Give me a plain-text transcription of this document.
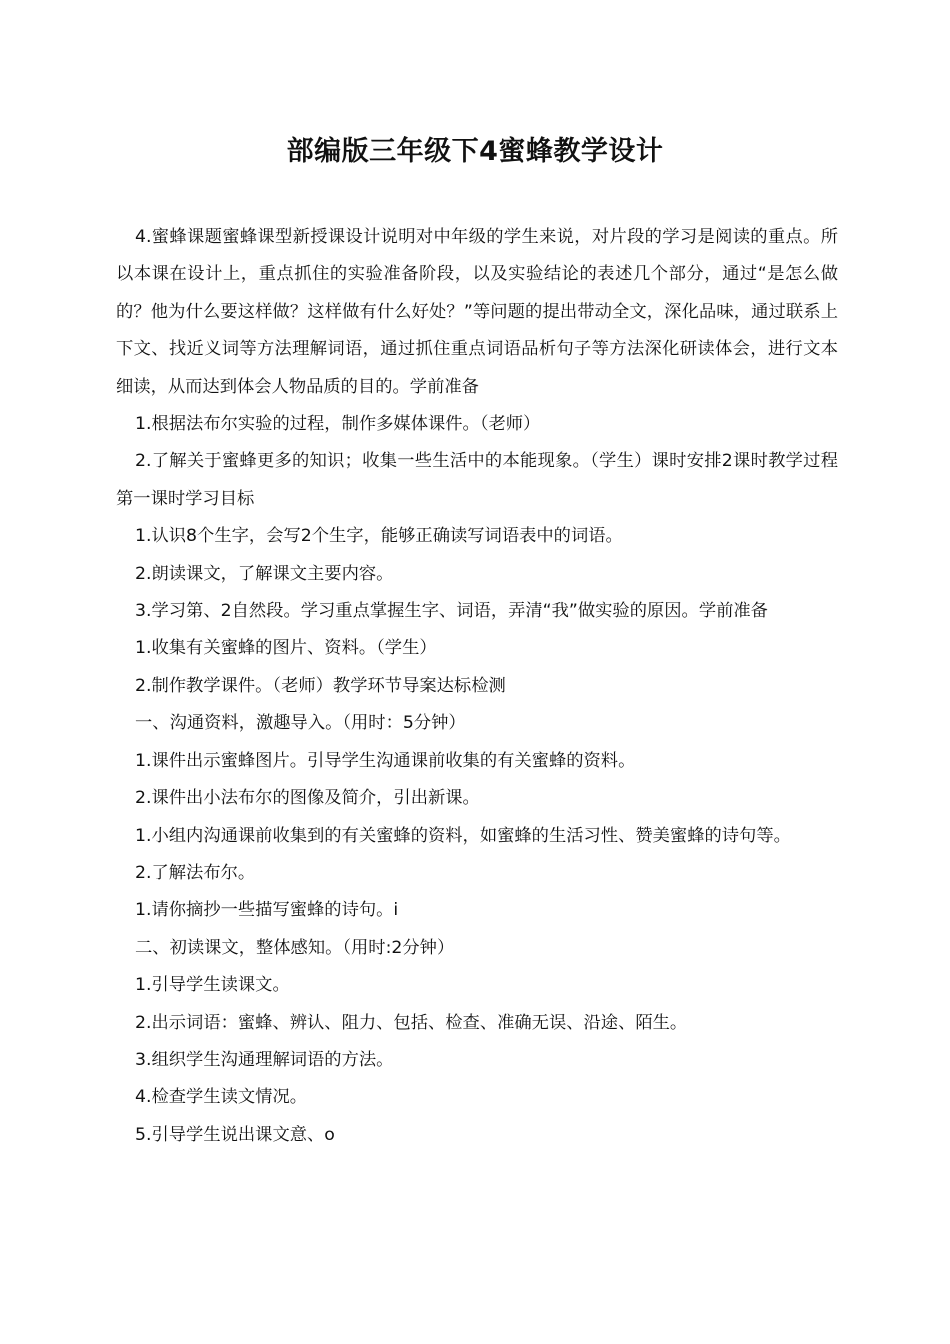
部编版三年级下4蜜蜂教学设计

4.蜜蜂课题蜜蜂课型新授课设计说明对中年级的学生来说，对片段的学习是阅读的重点。所以本课在设计上，重点抓住的实验准备阶段，以及实验结论的表述几个部分，通过“是怎么做的？他为什么要这样做？这样做有什么好处？”等问题的提出带动全文，深化品味，通过联系上下文、找近义词等方法理解词语，通过抓住重点词语品析句子等方法深化研读体会，进行文本细读，从而达到体会人物品质的目的。学前准备

1.根据法布尔实验的过程，制作多媒体课件。（老师）

2.了解关于蜜蜂更多的知识；收集一些生活中的本能现象。（学生）课时安排2课时教学过程第一课时学习目标

1.认识8个生字，会写2个生字，能够正确读写词语表中的词语。

2.朗读课文，了解课文主要内容。

3.学习第、2自然段。学习重点掌握生字、词语，弄清“我”做实验的原因。学前准备

1.收集有关蜜蜂的图片、资料。（学生）

2.制作教学课件。（老师）教学环节导案达标检测

一、沟通资料，激趣导入。（用时：5分钟）

1.课件出示蜜蜂图片。引导学生沟通课前收集的有关蜜蜂的资料。

2.课件出小法布尔的图像及简介，引出新课。

1.小组内沟通课前收集到的有关蜜蜂的资料，如蜜蜂的生活习性、赞美蜜蜂的诗句等。

2.了解法布尔。

1.请你摘抄一些描写蜜蜂的诗句。i

二、初读课文，整体感知。（用时:2分钟）

1.引导学生读课文。

2.出示词语：蜜蜂、辨认、阻力、包括、检查、准确无误、沿途、陌生。

3.组织学生沟通理解词语的方法。

4.检查学生读文情况。

5.引导学生说出课文意、o
